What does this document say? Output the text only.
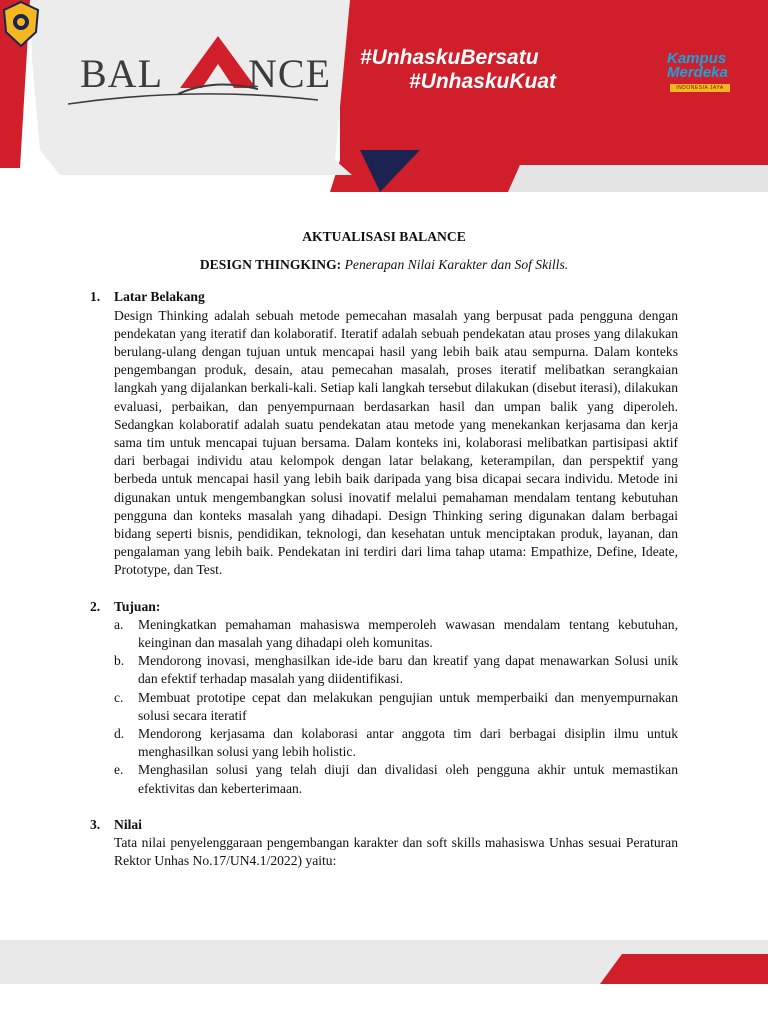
BAL NCE #UnhaskuBersatu
#UnhaskuKuat
Kampus
Merdeka
INDONESIA JAYA
AKTUALISASI BALANCE
DESIGN THINGKING: Penerapan Nilai Karakter dan Sof Skills.
1. Latar Belakang

Design Thinking adalah sebuah metode pemecahan masalah yang berpusat pada pengguna dengan pendekatan yang iteratif dan kolaboratif. Iteratif adalah sebuah pendekatan atau proses yang dilakukan berulang-ulang dengan tujuan untuk mencapai hasil yang lebih baik atau sempurna. Dalam konteks pengembangan produk, desain, atau pemecahan masalah, proses iteratif melibatkan serangkaian langkah yang dijalankan berkali-kali. Setiap kali langkah tersebut dilakukan (disebut iterasi), dilakukan evaluasi, perbaikan, dan penyempurnaan berdasarkan hasil dan umpan balik yang diperoleh. Sedangkan kolaboratif adalah suatu pendekatan atau metode yang menekankan kerjasama dan kerja sama tim untuk mencapai tujuan bersama. Dalam konteks ini, kolaborasi melibatkan partisipasi aktif dari berbagai individu atau kelompok dengan latar belakang, keterampilan, dan perspektif yang berbeda untuk mencapai hasil yang lebih baik daripada yang bisa dicapai secara individu. Metode ini digunakan untuk mengembangkan solusi inovatif melalui pemahaman mendalam tentang kebutuhan pengguna dan konteks masalah yang dihadapi. Design Thinking sering digunakan dalam berbagai bidang seperti bisnis, pendidikan, teknologi, dan kesehatan untuk menciptakan produk, layanan, dan pengalaman yang lebih baik. Pendekatan ini terdiri dari lima tahap utama: Empathize, Define, Ideate, Prototype, dan Test.

2. Tujuan:
a. Meningkatkan pemahaman mahasiswa memperoleh wawasan mendalam tentang kebutuhan, keinginan dan masalah yang dihadapi oleh komunitas.
b. Mendorong inovasi, menghasilkan ide-ide baru dan kreatif yang dapat menawarkan Solusi unik dan efektif terhadap masalah yang diidentifikasi.
c. Membuat prototipe cepat dan melakukan pengujian untuk memperbaiki dan menyempurnakan solusi secara iteratif
d. Mendorong kerjasama dan kolaborasi antar anggota tim dari berbagai disiplin ilmu untuk menghasilkan solusi yang lebih holistic.
e. Menghasilan solusi yang telah diuji dan divalidasi oleh pengguna akhir untuk memastikan efektivitas dan keberterimaan.
3. Nilai

Tata nilai penyelenggaraan pengembangan karakter dan soft skills mahasiswa Unhas sesuai Peraturan Rektor Unhas No.17/UN4.1/2022) yaitu:
